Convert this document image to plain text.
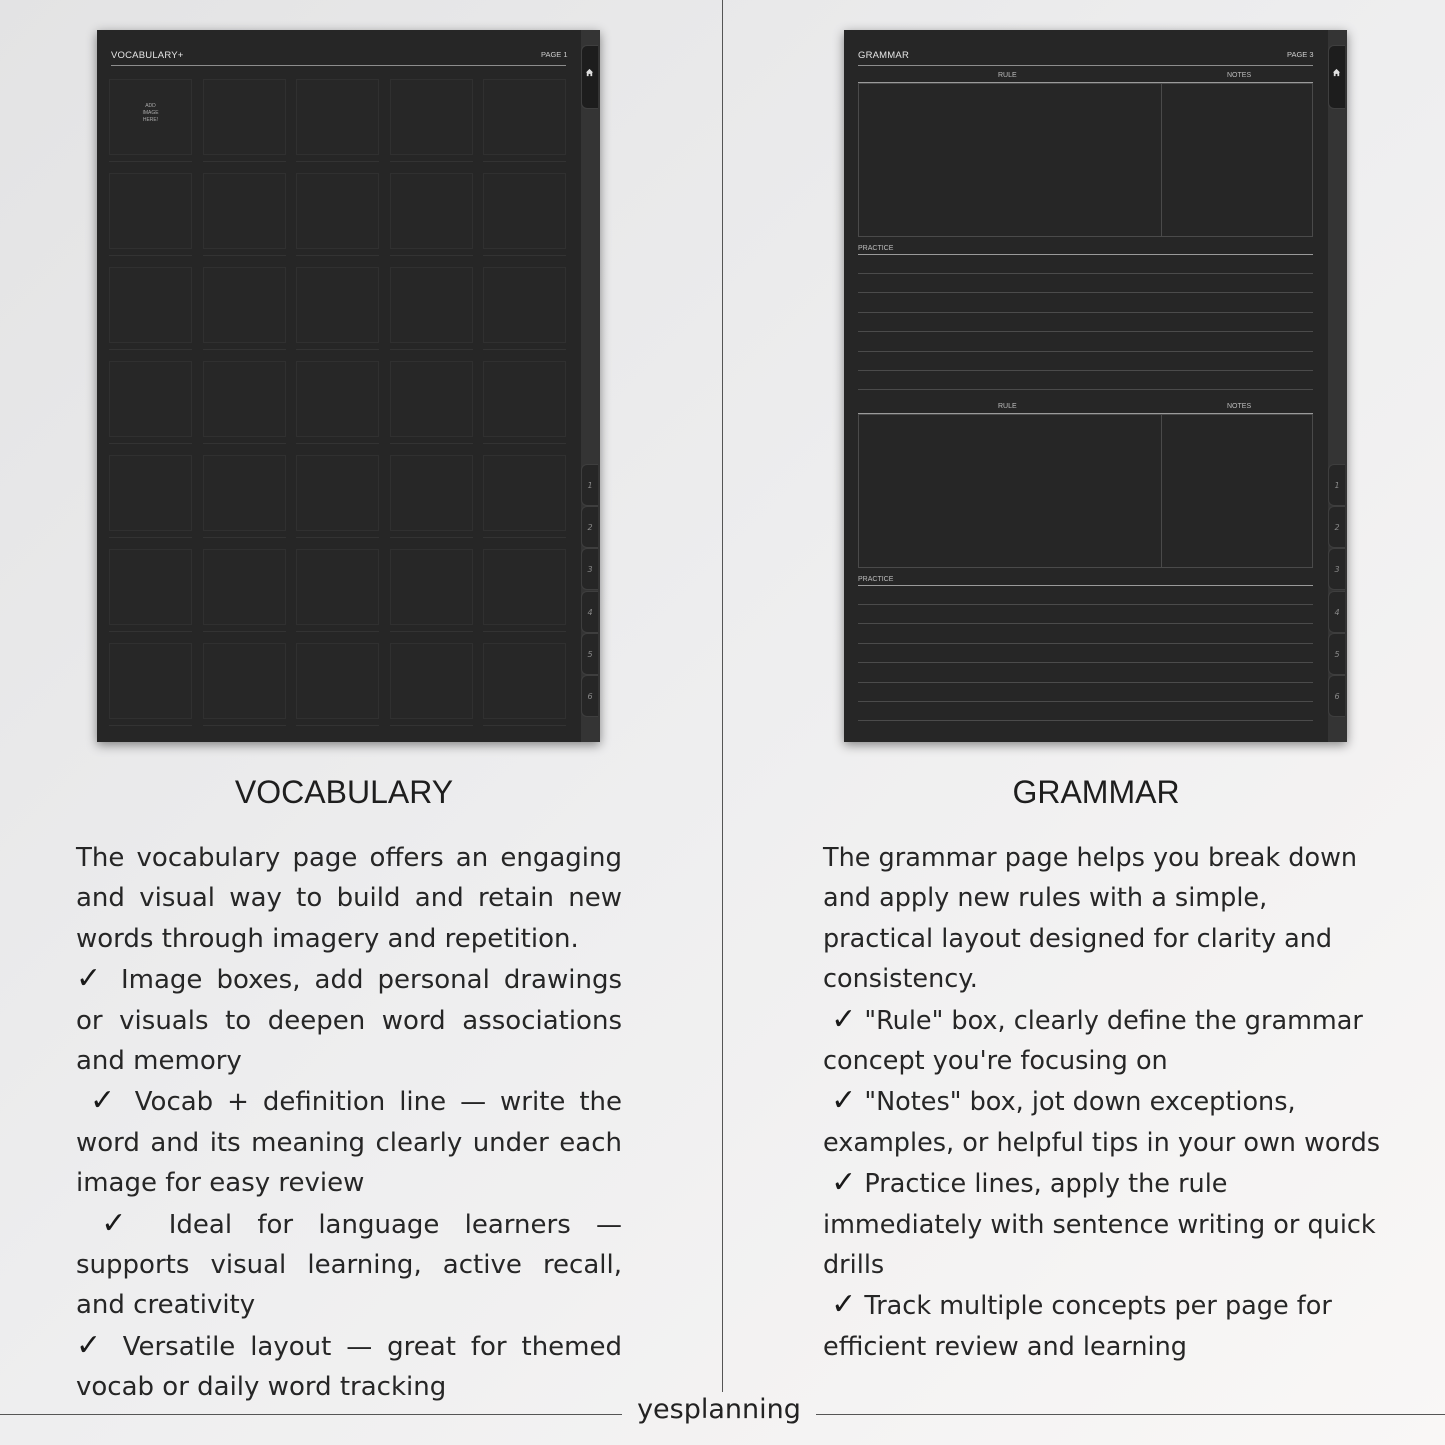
VOCABULARY+	PAGE 1
ADD
IMAGE
HERE!
1
2
3
4
5
6
GRAMMAR	PAGE 3
RULE	NOTES
PRACTICE
RULE	NOTES
PRACTICE
1
2
3
4
5
6
VOCABULARY	GRAMMAR

The vocabulary page offers an engaging and visual way to build and retain new words through imagery and repetition.

✓ Image boxes, add personal drawings or visuals to deepen word associations and memory

✓ Vocab + definition line — write the word and its meaning clearly under each image for easy review

✓ Ideal for language learners — supports visual learning, active recall, and creativity

✓ Versatile layout — great for themed vocab or daily word tracking

The grammar page helps you break down and apply new rules with a simple, practical layout designed for clarity and consistency.

✓ "Rule" box, clearly define the grammar concept you're focusing on

✓ "Notes" box, jot down exceptions, examples, or helpful tips in your own words

✓ Practice lines, apply the rule immediately with sentence writing or quick drills

✓ Track multiple concepts per page for efficient review and learning

yesplanning
